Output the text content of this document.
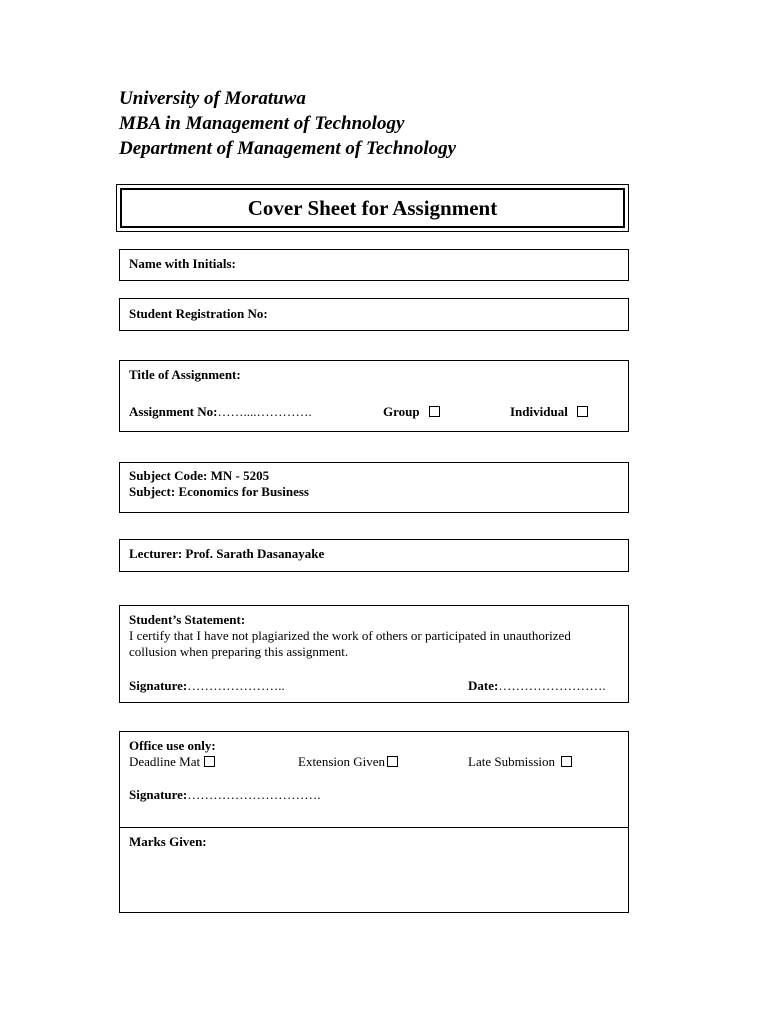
University of Moratuwa
MBA in Management of Technology
Department of Management of Technology
Cover Sheet for Assignment
Name with Initials:
Student Registration No:
Title of Assignment:
Assignment No:……....………….	Group	Individual
Subject Code: MN - 5205
Subject: Economics for Business
Lecturer: Prof. Sarath Dasanayake
Student’s Statement:
I certify that I have not plagiarized the work of others or participated in unauthorized
collusion when preparing this assignment.
Signature:…………………..	Date:…………………….
Office use only:
Deadline Mat	Extension Given	Late Submission
Signature:………………………….
Marks Given:
